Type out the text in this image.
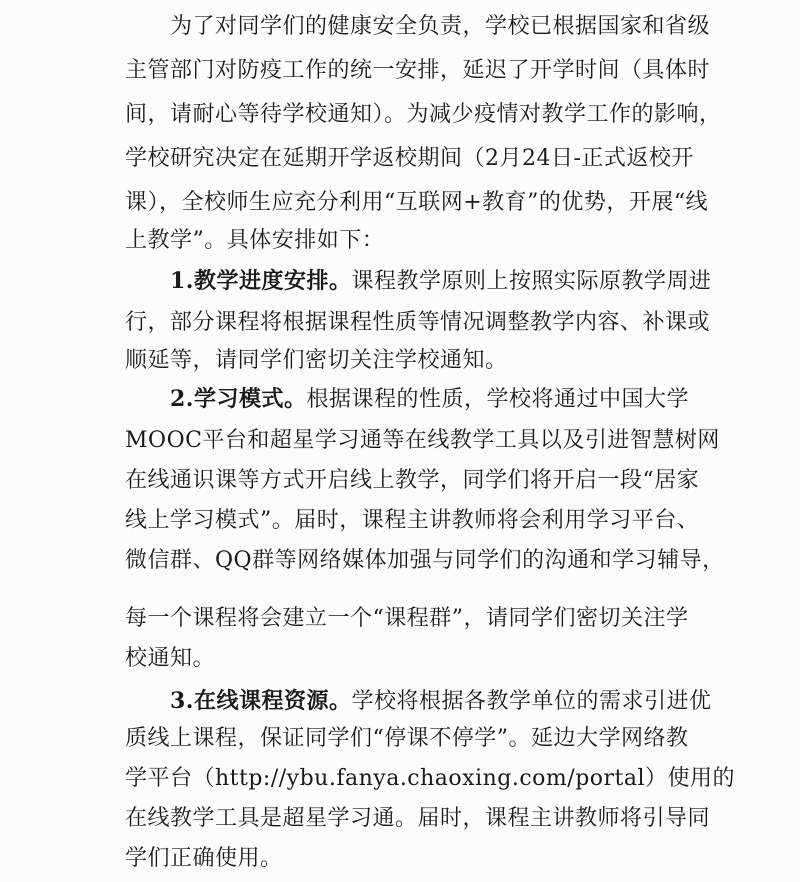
为了对同学们的健康安全负责，学校已根据国家和省级
主管部门对防疫工作的统一安排，延迟了开学时间（具体时
间，请耐心等待学校通知）。为减少疫情对教学工作的影响，
学校研究决定在延期开学返校期间（2月24日-正式返校开
课），全校师生应充分利用“互联网+教育”的优势，开展“线
上教学”。具体安排如下：
1.教学进度安排。课程教学原则上按照实际原教学周进
行，部分课程将根据课程性质等情况调整教学内容、补课或
顺延等，请同学们密切关注学校通知。
2.学习模式。根据课程的性质，学校将通过中国大学
MOOC平台和超星学习通等在线教学工具以及引进智慧树网
在线通识课等方式开启线上教学，同学们将开启一段“居家
线上学习模式”。届时，课程主讲教师将会利用学习平台、
微信群、QQ群等网络媒体加强与同学们的沟通和学习辅导，
每一个课程将会建立一个“课程群”，请同学们密切关注学
校通知。
3.在线课程资源。学校将根据各教学单位的需求引进优
质线上课程，保证同学们“停课不停学”。延边大学网络教
学平台（http://ybu.fanya.chaoxing.com/portal）使用的
在线教学工具是超星学习通。届时，课程主讲教师将引导同
学们正确使用。
